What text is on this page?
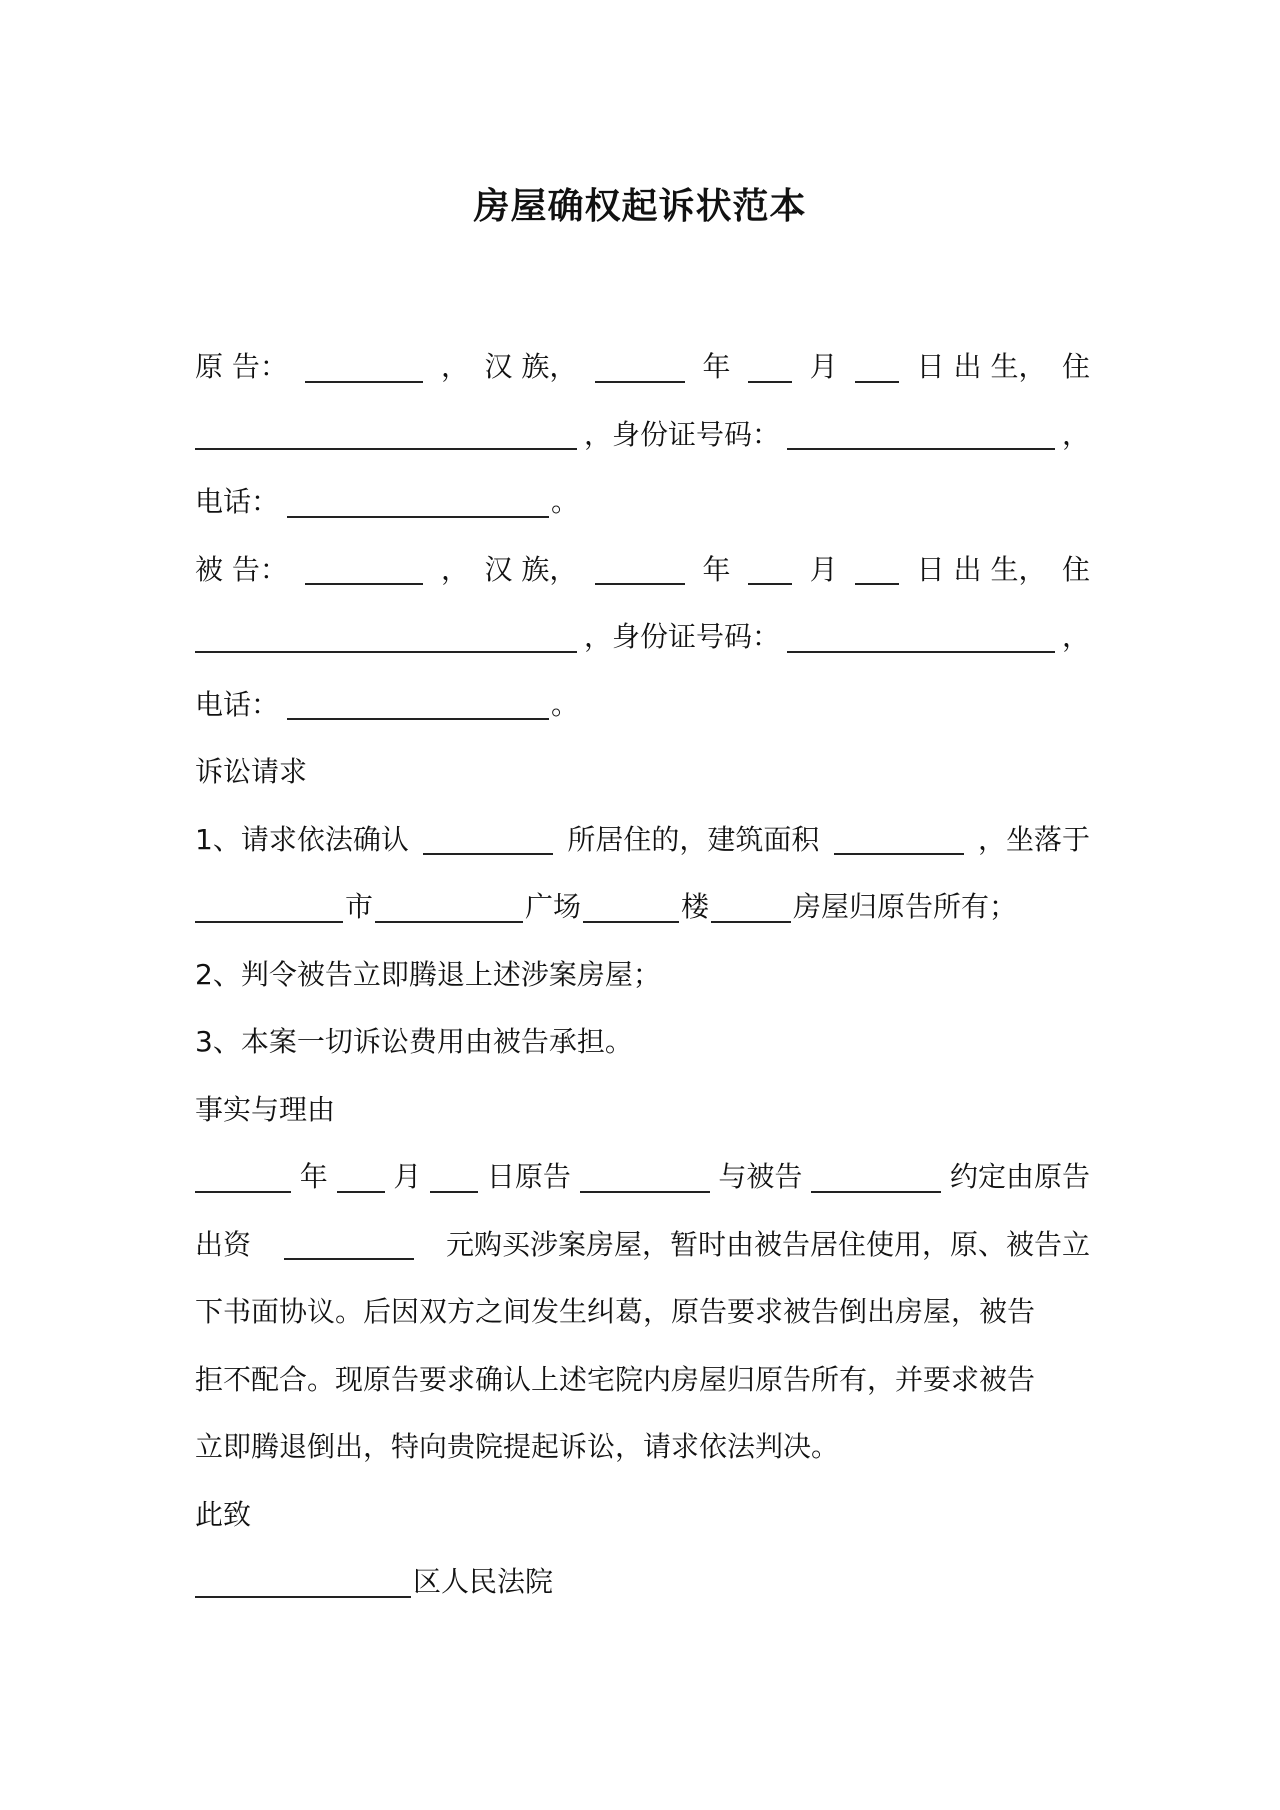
房屋确权起诉状范本
原 告：	， 汉 族，	年	月	日 出 生， 住
，身份证号码：	，
电话：	。
被 告：	， 汉 族，	年	月	日 出 生， 住
，身份证号码：	，
电话：	。
诉讼请求
1、请求依法确认	所居住的，建筑面积	，坐落于
市	广场	楼	房屋归原告所有；
2、判令被告立即腾退上述涉案房屋；
3、本案一切诉讼费用由被告承担。
事实与理由
年 月 日原告	与被告	约定由原告
出资	元购买涉案房屋，暂时由被告居住使用，原、被告立
下书面协议。后因双方之间发生纠葛，原告要求被告倒出房屋，被告
拒不配合。现原告要求确认上述宅院内房屋归原告所有，并要求被告
立即腾退倒出，特向贵院提起诉讼，请求依法判决。
此致
区人民法院
